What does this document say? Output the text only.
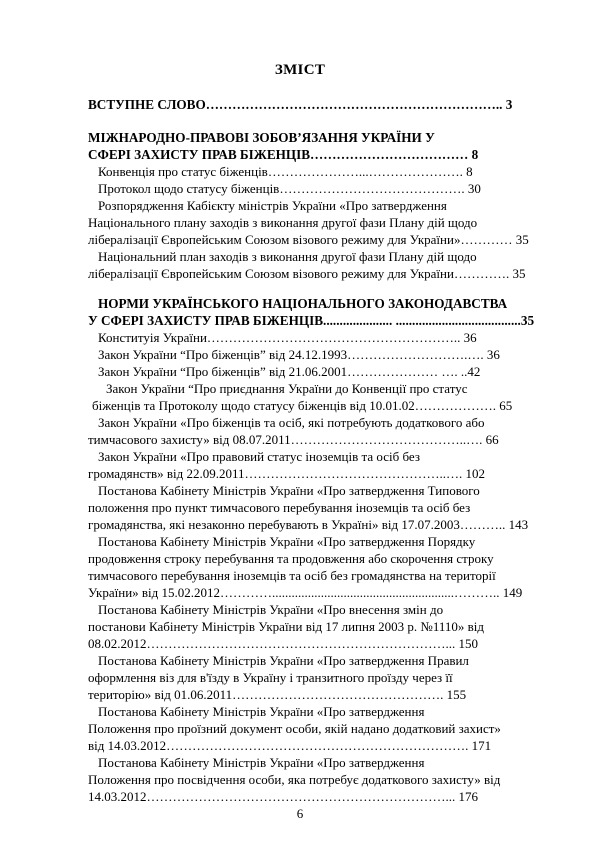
ЗМІСТ
ВСТУПНЕ СЛОВО………………………………………………………….. 3
МІЖНАРОДНО-ПРАВОВІ ЗОБОВ’ЯЗАННЯ УКРАЇНИ У
СФЕРІ ЗАХИСТУ ПРАВ БІЖЕНЦІВ……………………………… 8
Конвенція про статус біженців…………………...…………………. 8
Протокол щодо статусу біженців……………………………………. 30
Розпорядження Кабієкту міністрів України «Про затвердження
Національного плану заходів з виконання другої фази Плану дій щодо
лібералізації Європейським Союзом візового режиму для України»………… 35
Національний план заходів з виконання другої фази Плану дій щодо
лібералізації Європейським Союзом візового режиму для України…………. 35
НОРМИ УКРАЇНСЬКОГО НАЦІОНАЛЬНОГО ЗАКОНОДАВСТВА
У СФЕРІ ЗАХИСТУ ПРАВ БІЖЕНЦІВ..................... ......................................35
Конституія України………………………………………………….. 36
Закон України “Про біженців” від 24.12.1993……………………….…. 36
Закон України “Про біженців” від 21.06.2001………………… …. ..42
Закон України “Про приєднання України до Конвенції про статус
біженців та Протоколу щодо статусу біженців від 10.01.02………………. 65
Закон України «Про біженців та осіб, які потребують додаткового або
тимчасового захисту» від 08.07.2011…………………………………..…. 66
Закон України «Про правовий статус іноземців та осіб без
громадянств» від 22.09.2011………………………………………..…. 102
Постанова Кабінету Міністрів України «Про затвердження Типового
положення про пункт тимчасового перебування іноземців та осіб без
громадянства, які незаконно перебувають в Україні» від 17.07.2003……….. 143
Постанова Кабінету Міністрів України «Про затвердження Порядку
продовження строку перебування та продовження або скорочення строку
тимчасового перебування іноземців та осіб без громадянства на території
України» від 15.02.2012…………........................................................……….. 149
Постанова Кабінету Міністрів України «Про внесення змін до
постанови Кабінету Міністрів України від 17 липня 2003 р. №1110» від
08.02.2012……………………………………………………………... 150
Постанова Кабінету Міністрів України «Про затвердження Правил
оформлення віз для в'їзду в Україну і транзитного проїзду через її
територію» від 01.06.2011…………………………………………. 155
Постанова Кабінету Міністрів України «Про затвердження
Положення про проїзний документ особи, якій надано додатковий захист»
від 14.03.2012……………………………………………………………. 171
Постанова Кабінету Міністрів України «Про затвердження
Положення про посвідчення особи, яка потребує додаткового захисту» від
14.03.2012……………………………………………………………... 176
6
